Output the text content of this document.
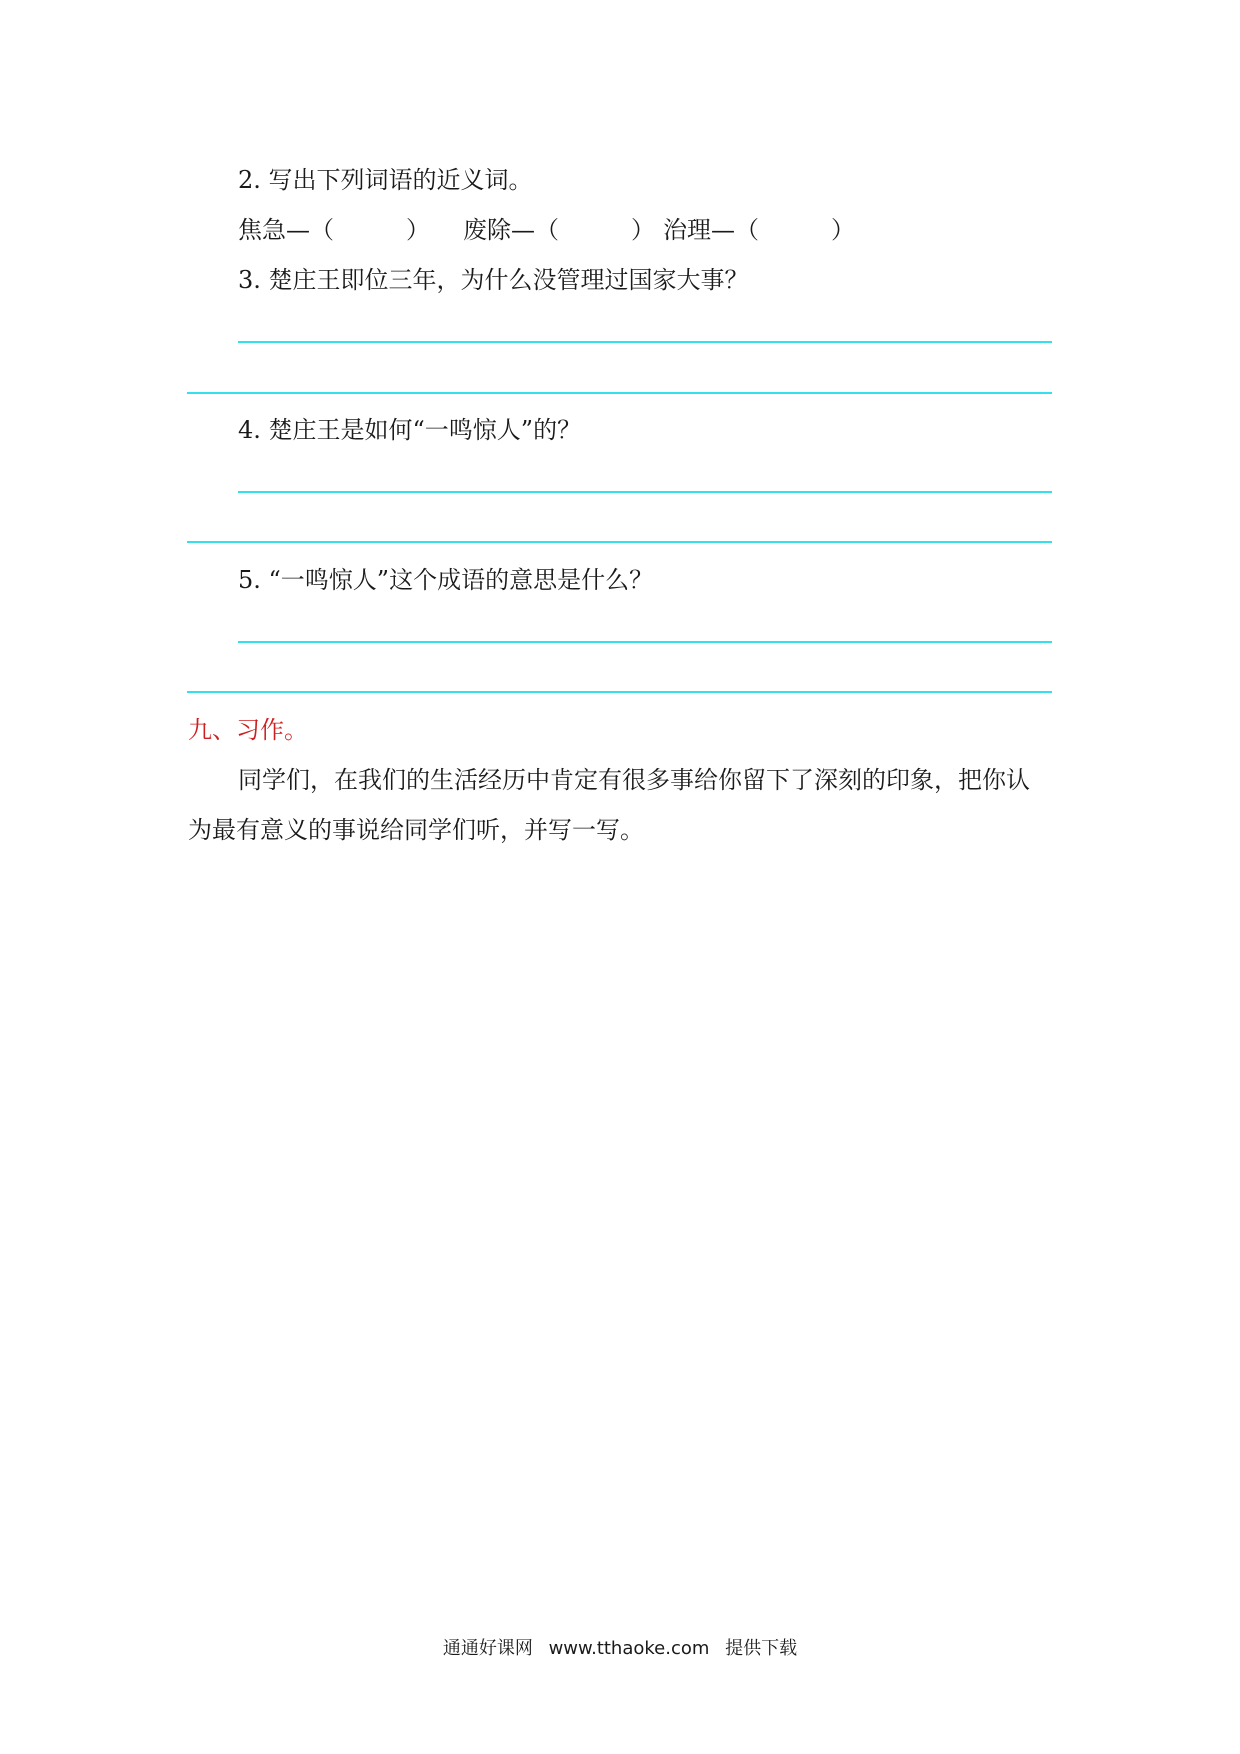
2. 写出下列词语的近义词。
焦急—（　　　） 废除—（　　　） 治理—（　　　）
3. 楚庄王即位三年，为什么没管理过国家大事？
4. 楚庄王是如何“一鸣惊人”的？
5. “一鸣惊人”这个成语的意思是什么？
九、习作。
同学们，在我们的生活经历中肯定有很多事给你留下了深刻的印象，把你认
为最有意义的事说给同学们听，并写一写。
通通好课网 www.tthaoke.com 提供下载
